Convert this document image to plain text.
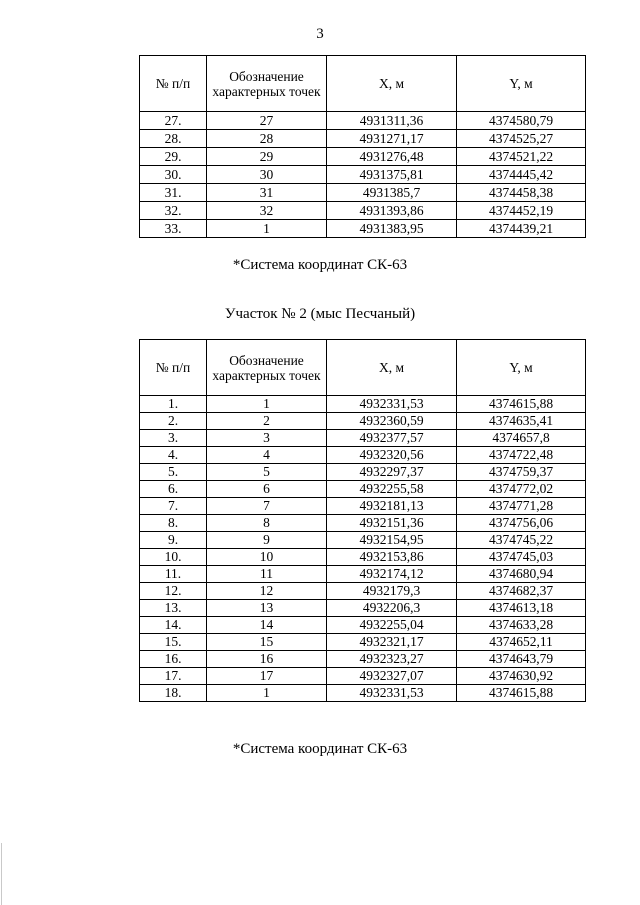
3
№ п/п	Обозначение характерных точек	X, м	Y, м
27.	27	4931311,36	4374580,79
28.	28	4931271,17	4374525,27
29.	29	4931276,48	4374521,22
30.	30	4931375,81	4374445,42
31.	31	4931385,7	4374458,38
32.	32	4931393,86	4374452,19
33.	1	4931383,95	4374439,21
*Система координат СК-63
Участок № 2 (мыс Песчаный)
№ п/п	Обозначение характерных точек	X, м	Y, м
1.	1	4932331,53	4374615,88
2.	2	4932360,59	4374635,41
3.	3	4932377,57	4374657,8
4.	4	4932320,56	4374722,48
5.	5	4932297,37	4374759,37
6.	6	4932255,58	4374772,02
7.	7	4932181,13	4374771,28
8.	8	4932151,36	4374756,06
9.	9	4932154,95	4374745,22
10.	10	4932153,86	4374745,03
11.	11	4932174,12	4374680,94
12.	12	4932179,3	4374682,37
13.	13	4932206,3	4374613,18
14.	14	4932255,04	4374633,28
15.	15	4932321,17	4374652,11
16.	16	4932323,27	4374643,79
17.	17	4932327,07	4374630,92
18.	1	4932331,53	4374615,88
*Система координат СК-63
